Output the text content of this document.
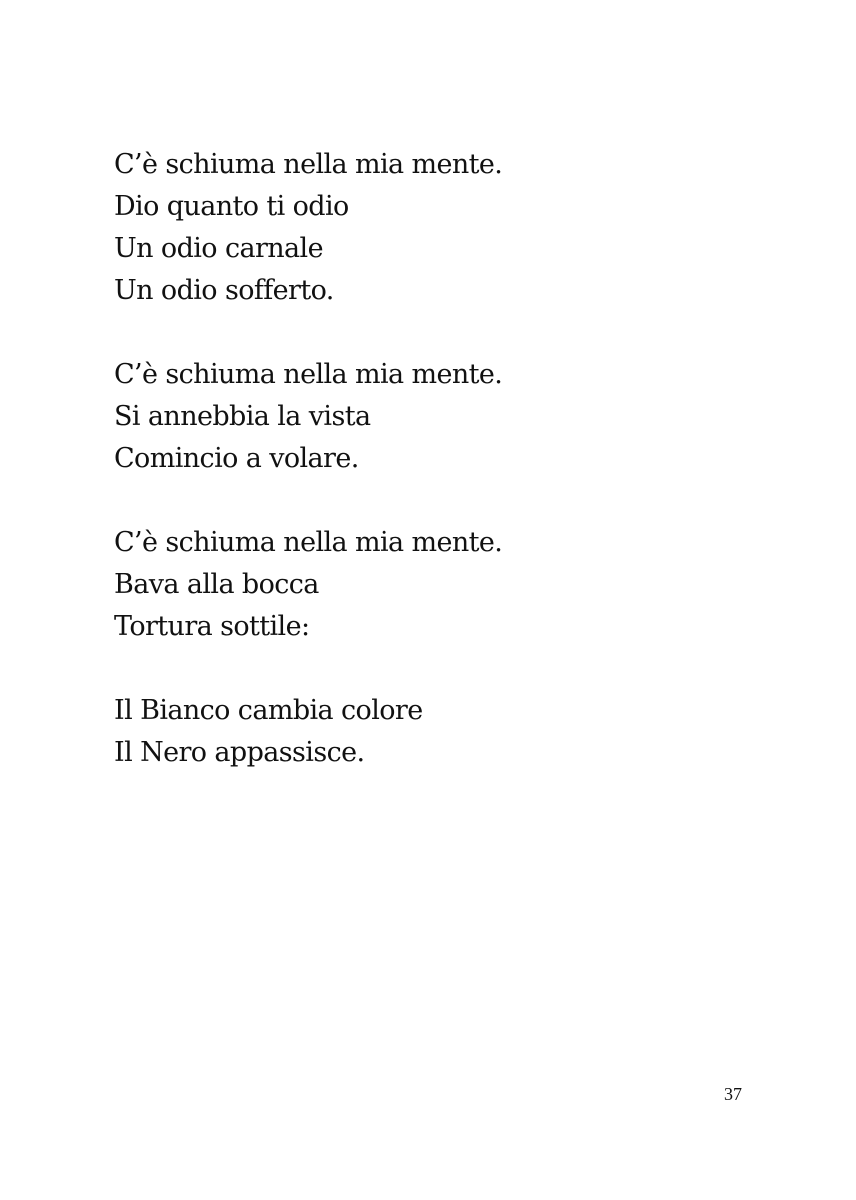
C’è schiuma nella mia mente.
Dio quanto ti odio
Un odio carnale
Un odio sofferto.
C’è schiuma nella mia mente.
Si annebbia la vista
Comincio a volare.
C’è schiuma nella mia mente.
Bava alla bocca
Tortura sottile:
Il Bianco cambia colore
Il Nero appassisce.
37
